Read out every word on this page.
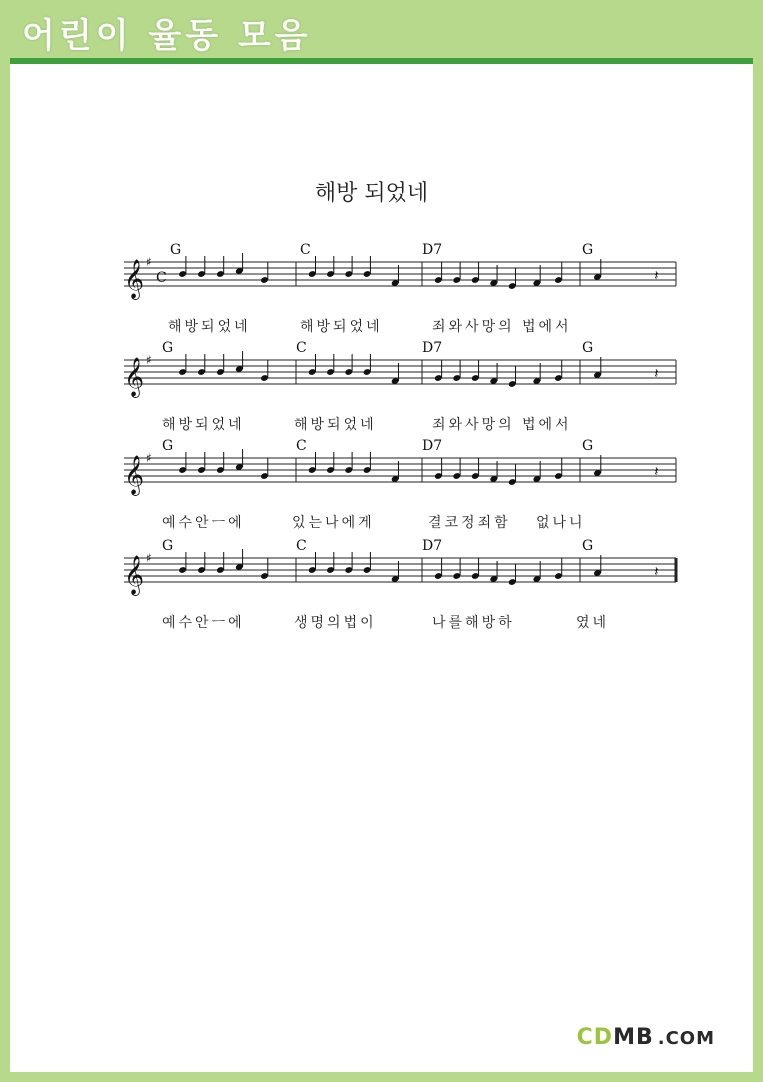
어린이 율동 모음
해방 되었네
G	C	D7	G
𝄞 ♯
C	𝄽
해방되었네	해방되었네	죄와사망의 법에서
G	C	D7	G
𝄞 ♯
𝄽
해방되었네	해방되었네	죄와사망의 법에서
G	C	D7	G
𝄞 ♯
𝄽
예수안ㅡ에	있는나에게	결코정죄함 없나니
G	C	D7	G
𝄞 ♯
𝄽
예수안ㅡ에	생명의법이	나를해방하	였네
CDMB .COM
